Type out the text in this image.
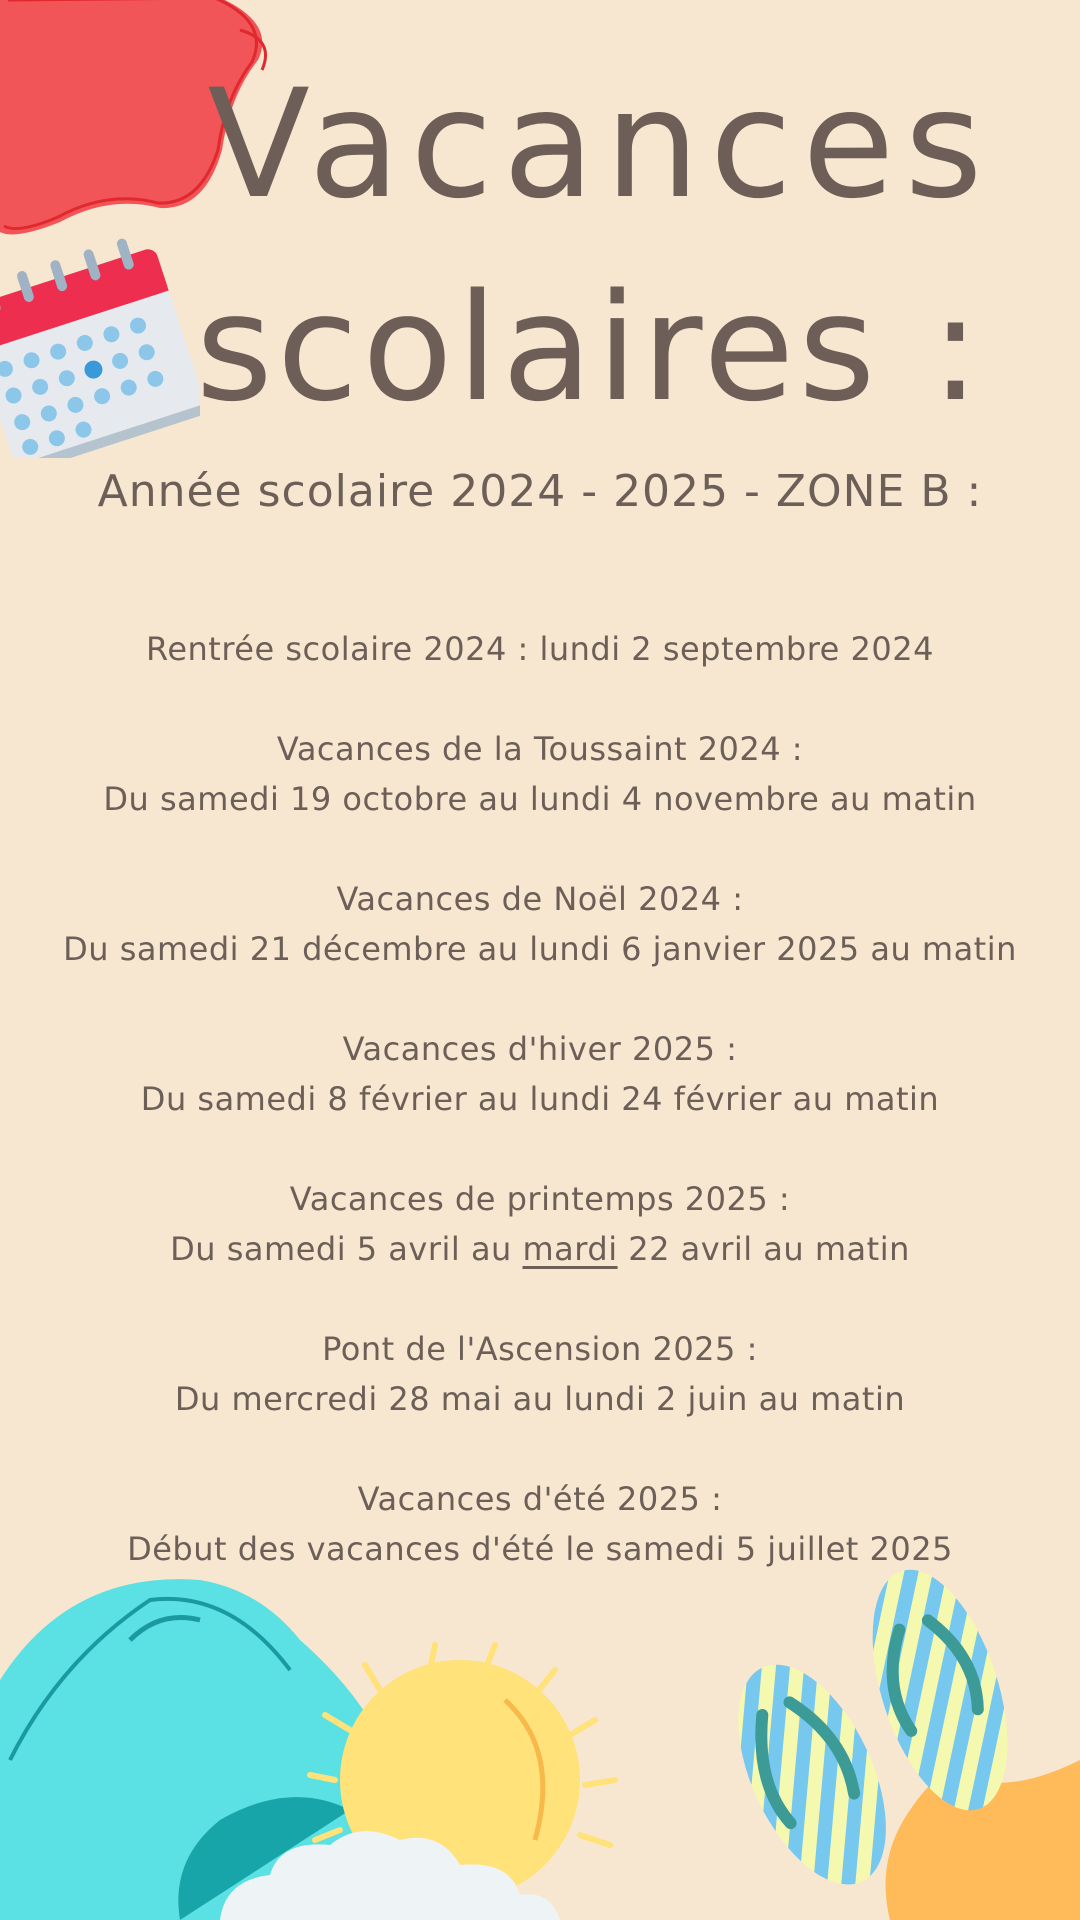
Vacances
scolaires :
Année scolaire 2024 - 2025 - ZONE B :
Rentrée scolaire 2024 : lundi 2 septembre 2024
Vacances de la Toussaint 2024 :
Du samedi 19 octobre au lundi 4 novembre au matin
Vacances de Noël 2024 :
Du samedi 21 décembre au lundi 6 janvier 2025 au matin
Vacances d'hiver 2025 :
Du samedi 8 février au lundi 24 février au matin
Vacances de printemps 2025 :
Du samedi 5 avril au mardi 22 avril au matin
Pont de l'Ascension 2025 :
Du mercredi 28 mai au lundi 2 juin au matin
Vacances d'été 2025 :
Début des vacances d'été le samedi 5 juillet 2025
